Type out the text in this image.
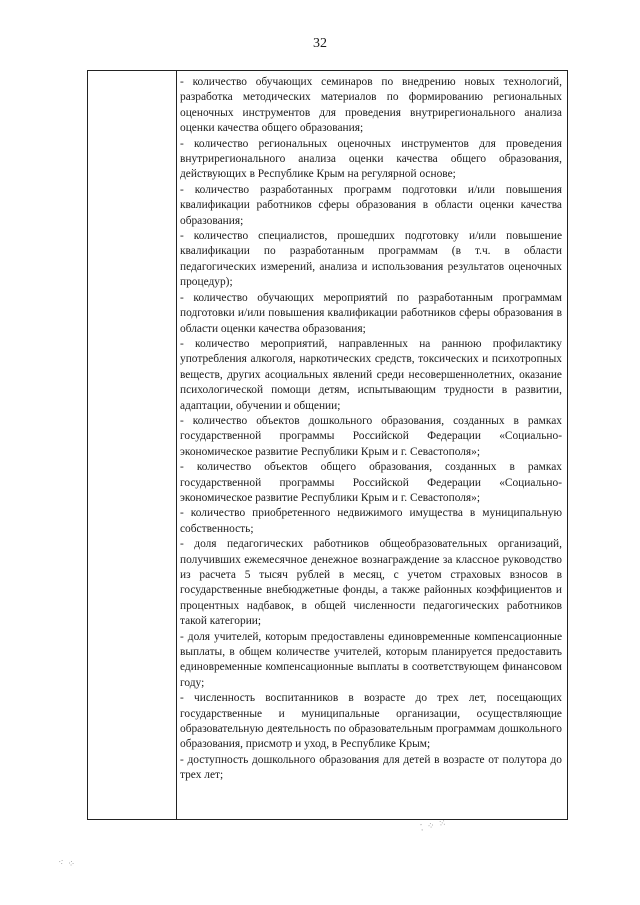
32

- количество обучающих семинаров по внедрению новых технологий, разработка методических материалов по формированию региональных оценочных инструментов для проведения внутрирегионального анализа оценки качества общего образования;

- количество региональных оценочных инструментов для проведения внутрирегионального анализа оценки качества общего образования, действующих в Республике Крым на регулярной основе;

- количество разработанных программ подготовки и/или повышения квалификации работников сферы образования в области оценки качества образования;

- количество специалистов, прошедших подготовку и/или повышение квалификации по разработанным программам (в т.ч. в области педагогических измерений, анализа и использования результатов оценочных процедур);

- количество обучающих мероприятий по разработанным программам подготовки и/или повышения квалификации работников сферы образования в области оценки качества образования;

- количество мероприятий, направленных на раннюю профилактику употребления алкоголя, наркотических средств, токсических и психотропных веществ, других асоциальных явлений среди несовершеннолетних, оказание психологической помощи детям, испытывающим трудности в развитии, адаптации, обучении и общении;

- количество объектов дошкольного образования, созданных в рамках государственной программы Российской Федерации «Социально-экономическое развитие Республики Крым и г. Севастополя»;

- количество объектов общего образования, созданных в рамках государственной программы Российской Федерации «Социально-экономическое развитие Республики Крым и г. Севастополя»;

- количество приобретенного недвижимого имущества в муниципальную собственность;

- доля педагогических работников общеобразовательных организаций, получивших ежемесячное денежное вознаграждение за классное руководство из расчета 5 тысяч рублей в месяц, с учетом страховых взносов в государственные внебюджетные фонды, а также районных коэффициентов и процентных надбавок, в общей численности педагогических работников такой категории;

- доля учителей, которым предоставлены единовременные компенсационные выплаты, в общем количестве учителей, которым планируется предоставить единовременные компенсационные выплаты в соответствующем финансовом году;

- численность воспитанников в возрасте до трех лет, посещающих государственные и муниципальные организации, осуществляющие образовательную деятельность по образовательным программам дошкольного образования, присмотр и уход, в Республике Крым;

- доступность дошкольного образования для детей в возрасте от полутора до трех лет;

⁚ ⁘ ⁙
⁖ ⁘
